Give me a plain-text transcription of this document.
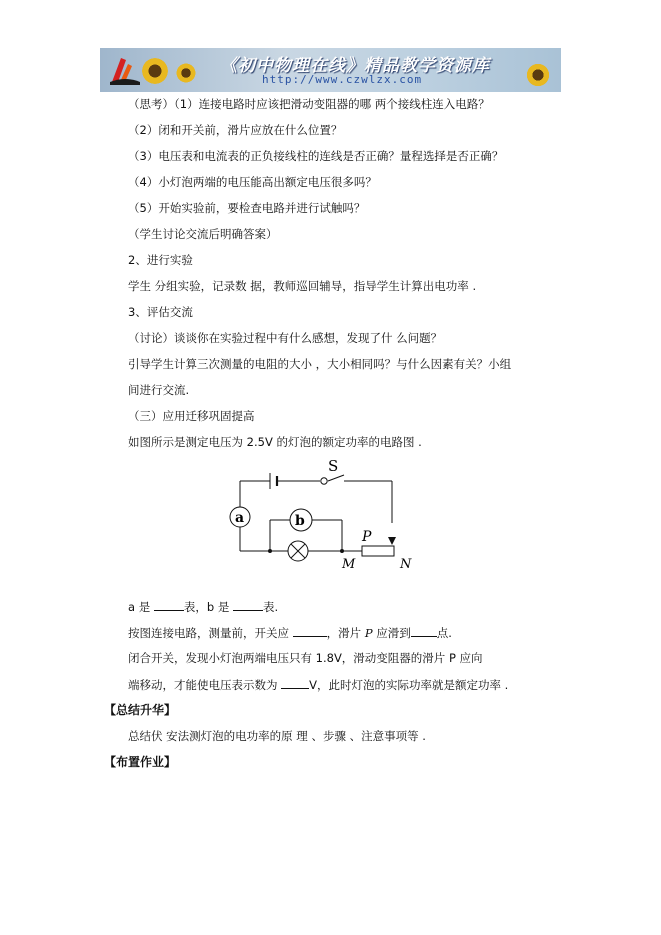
《初中物理在线》精品教学资源库
http://www.czwlzx.com
（思考）（1）连接电路时应该把滑动变阻器的哪 两个接线柱连入电路？
（2）闭和开关前，滑片应放在什么位置？
（3）电压表和电流表的正负接线柱的连线是否正确？量程选择是否正确？
（4）小灯泡两端的电压能高出额定电压很多吗？
（5）开始实验前，要检查电路并进行试触吗？
（学生讨论交流后明确答案）
2、进行实验
学生 分组实验，记录数 据，教师巡回辅导，指导学生计算出电功率 .
3、评估交流
（讨论）谈谈你在实验过程中有什么感想，发现了什 么问题？
引导学生计算三次测量的电阻的大小 ，大小相同吗？与什么因素有关？小组
间进行交流.
（三）应用迁移巩固提高
如图所示是测定电压为 2.5V 的灯泡的额定功率的电路图 .
S
a	b
P
M	N
a 是	表，b 是	表.
按图连接电路，测量前，开关应	，滑片 P 应滑到 点.
闭合开关，发现小灯泡两端电压只有 1.8V，滑动变阻器的滑片 P 应向
端移动，才能使电压表示数为 V，此时灯泡的实际功率就是额定功率 .
【总结升华】
总结伏 安法测灯泡的电功率的原 理 、步骤 、注意事项等 .
【布置作业】
